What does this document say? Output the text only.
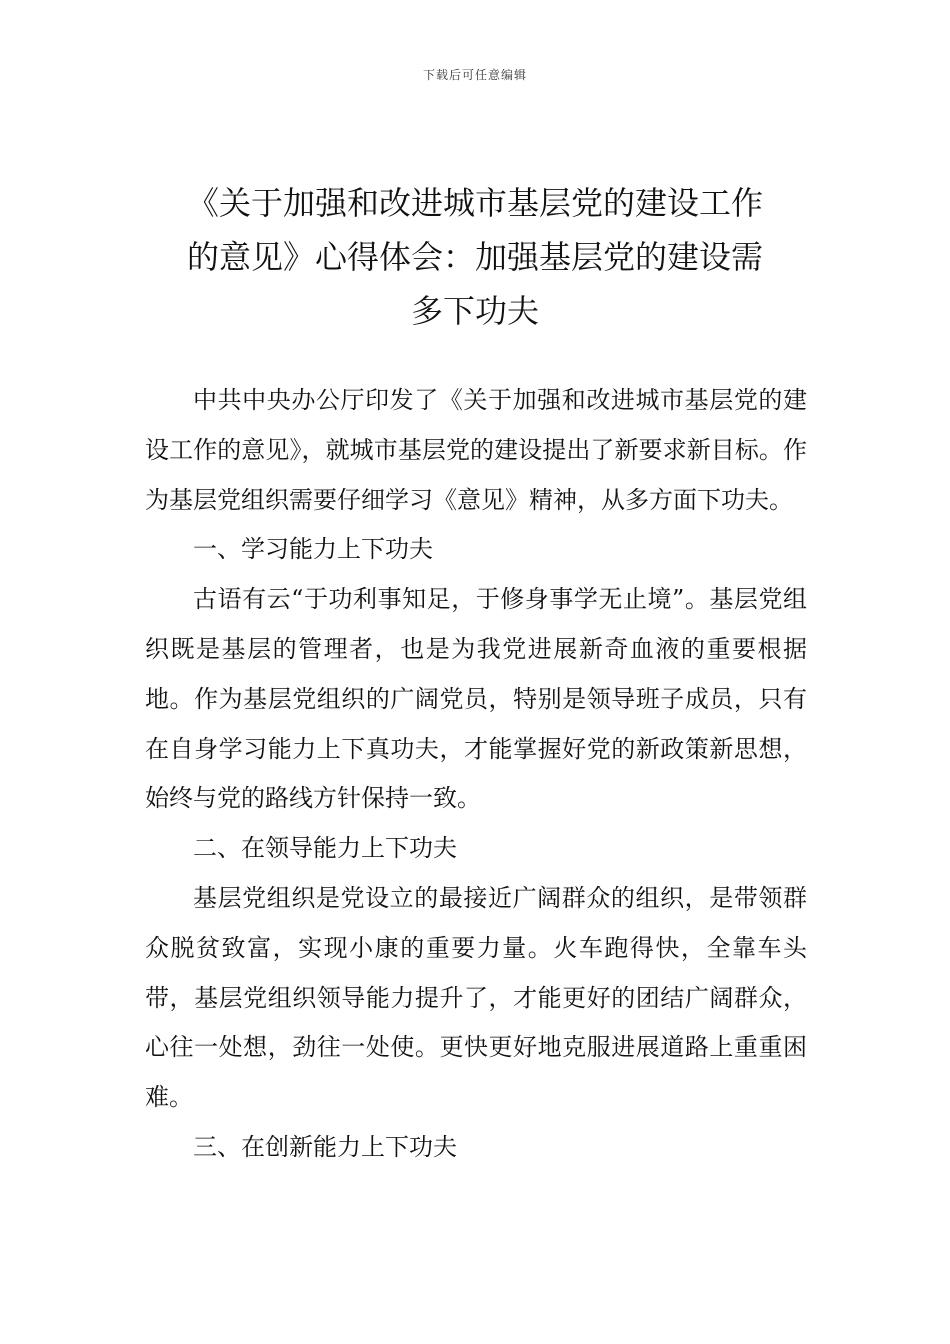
下载后可任意编辑
《关于加强和改进城市基层党的建设工作
的意见》心得体会：加强基层党的建设需
多下功夫

中共中央办公厅印发了《关于加强和改进城市基层党的建设工作的意见》，就城市基层党的建设提出了新要求新目标。作为基层党组织需要仔细学习《意见》精神，从多方面下功夫。

一、学习能力上下功夫

古语有云“于功利事知足，于修身事学无止境”。基层党组织既是基层的管理者，也是为我党进展新奇血液的重要根据地。作为基层党组织的广阔党员，特别是领导班子成员，只有在自身学习能力上下真功夫，才能掌握好党的新政策新思想，始终与党的路线方针保持一致。

二、在领导能力上下功夫

基层党组织是党设立的最接近广阔群众的组织，是带领群众脱贫致富，实现小康的重要力量。火车跑得快，全靠车头带，基层党组织领导能力提升了，才能更好的团结广阔群众，心往一处想，劲往一处使。更快更好地克服进展道路上重重困难。

三、在创新能力上下功夫
